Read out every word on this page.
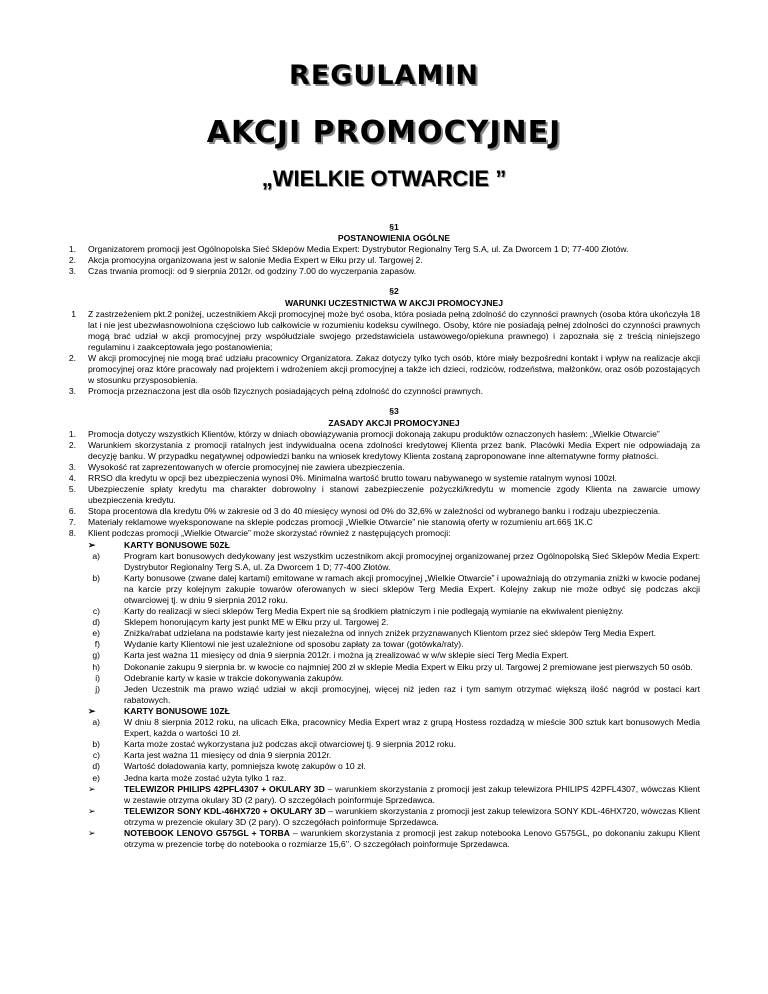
REGULAMIN
AKCJI PROMOCYJNEJ
„WIELKIE OTWARCIE ”
§1
POSTANOWIENIA OGÓLNE
1. Organizatorem promocji jest Ogólnopolska Sieć Sklepów Media Expert: Dystrybutor Regionalny Terg S.A, ul. Za Dworcem 1 D; 77-400 Złotów.
2. Akcja promocyjna organizowana jest w salonie Media Expert w Ełku przy ul. Targowej 2.
3. Czas trwania promocji: od 9 sierpnia 2012r. od godziny 7.00 do wyczerpania zapasów.
§2
WARUNKI UCZESTNICTWA W AKCJI PROMOCYJNEJ
1 Z zastrzeżeniem pkt.2 poniżej, uczestnikiem Akcji promocyjnej może być osoba, która posiada pełną zdolność do czynności prawnych (osoba która ukończyła 18 lat i nie jest ubezwłasnowolniona częściowo lub całkowicie w rozumieniu kodeksu cywilnego. Osoby, które nie posiadają pełnej zdolności do czynności prawnych mogą brać udział w akcji promocyjnej przy współudziale swojego przedstawiciela ustawowego/opiekuna prawnego) i zapoznała się z treścią niniejszego regulaminu i zaakceptowała jego postanowienia;
2. W akcji promocyjnej nie mogą brać udziału pracownicy Organizatora. Zakaz dotyczy tylko tych osób, które miały bezpośredni kontakt i wpływ na realizacje akcji promocyjnej oraz które pracowały nad projektem i wdrożeniem akcji promocyjnej a także ich dzieci, rodziców, rodzeństwa, małżonków, oraz osób pozostających w stosunku przysposobienia.
3. Promocja przeznaczona jest dla osób fizycznych posiadających pełną zdolność do czynności prawnych.
§3
ZASADY AKCJI PROMOCYJNEJ
1. Promocja dotyczy wszystkich Klientów, którzy w dniach obowiązywania promocji dokonają zakupu produktów oznaczonych hasłem: „Wielkie Otwarcie”
2. Warunkiem skorzystania z promocji ratalnych jest indywidualna ocena zdolności kredytowej Klienta przez bank. Placówki Media Expert nie odpowiadają za decyzję banku. W przypadku negatywnej odpowiedzi banku na wniosek kredytowy Klienta zostaną zaproponowane inne alternatywne formy płatności.
3. Wysokość rat zaprezentowanych w ofercie promocyjnej nie zawiera ubezpieczenia.
4. RRSO dla kredytu w opcji bez ubezpieczenia wynosi 0%. Minimalna wartość brutto towaru nabywanego w systemie ratalnym wynosi 100zł.
5. Ubezpieczenie spłaty kredytu ma charakter dobrowolny i stanowi zabezpieczenie pożyczki/kredytu w momencie zgody Klienta na zawarcie umowy ubezpieczenia kredytu.
6. Stopa procentowa dla kredytu 0% w zakresie od 3 do 40 miesięcy wynosi od 0% do 32,6% w zależności od wybranego banku i rodzaju ubezpieczenia.
7. Materiały reklamowe wyeksponowane na sklepie podczas promocji „Wielkie Otwarcie” nie stanowią oferty w rozumieniu art.66§ 1K.C
8. Klient podczas promocji „Wielkie Otwarcie” może skorzystać również z następujących promocji:
➢	KARTY BONUSOWE 50ZŁ
a)	Program kart bonusowych dedykowany jest wszystkim uczestnikom akcji promocyjnej organizowanej przez Ogólnopolską Sieć Sklepów Media Expert: Dystrybutor Regionalny Terg S.A, ul. Za Dworcem 1 D; 77-400 Złotów.
b)	Karty bonusowe (zwane dalej kartami) emitowane w ramach akcji promocyjnej „Wielkie Otwarcie” i upoważniają do otrzymania zniżki w kwocie podanej na karcie przy kolejnym zakupie towarów oferowanych w sieci sklepów Terg Media Expert. Kolejny zakup nie może odbyć się podczas akcji otwarciowej tj. w dniu 9 sierpnia 2012 roku.
c)	Karty do realizacji w sieci sklepów Terg Media Expert nie są środkiem płatniczym i nie podlegają wymianie na ekwiwalent pieniężny.
d)	Sklepem honorującym karty jest punkt ME w Ełku przy ul. Targowej 2.
e)	Zniżka/rabat udzielana na podstawie karty jest niezależna od innych zniżek przyznawanych Klientom przez sieć sklepów Terg Media Expert.
f)	Wydanie karty Klientowi nie jest uzależnione od sposobu zapłaty za towar (gotówka/raty).
g)	Karta jest ważna 11 miesięcy od dnia 9 sierpnia 2012r. i można ją zrealizować w w/w sklepie sieci Terg Media Expert.
h)	Dokonanie zakupu 9 sierpnia br. w kwocie co najmniej 200 zł w sklepie Media Expert w Ełku przy ul. Targowej 2 premiowane jest pierwszych 50 osób.
i)	Odebranie karty w kasie w trakcie dokonywania zakupów.
j)	Jeden Uczestnik ma prawo wziąć udział w akcji promocyjnej, więcej niż jeden raz i tym samym otrzymać większą ilość nagród w postaci kart rabatowych.
➢	KARTY BONUSOWE 10ZŁ
a)	W dniu 8 sierpnia 2012 roku, na ulicach Ełka, pracownicy Media Expert wraz z grupą Hostess rozdadzą w mieście 300 sztuk kart bonusowych Media Expert, każda o wartości 10 zł.
b)	Karta może zostać wykorzystana już podczas akcji otwarciowej tj. 9 sierpnia 2012 roku.
c)	Karta jest ważna 11 miesięcy od dnia 9 sierpnia 2012r.
d)	Wartość doładowania karty, pomniejsza kwotę zakupów o 10 zł.
e)	Jedna karta może zostać użyta tylko 1 raz.
➢	TELEWIZOR PHILIPS 42PFL4307 + OKULARY 3D – warunkiem skorzystania z promocji jest zakup telewizora PHILIPS 42PFL4307, wówczas Klient w zestawie otrzyma okulary 3D (2 pary). O szczegółach poinformuje Sprzedawca.
➢	TELEWIZOR SONY KDL-46HX720 + OKULARY 3D – warunkiem skorzystania z promocji jest zakup telewizora SONY KDL-46HX720, wówczas Klient otrzyma w prezencie okulary 3D (2 pary). O szczegółach poinformuje Sprzedawca.
➢	NOTEBOOK LENOVO G575GL + TORBA – warunkiem skorzystania z promocji jest zakup notebooka Lenovo G575GL, po dokonaniu zakupu Klient otrzyma w prezencie torbę do notebooka o rozmiarze 15,6’’. O szczegółach poinformuje Sprzedawca.
